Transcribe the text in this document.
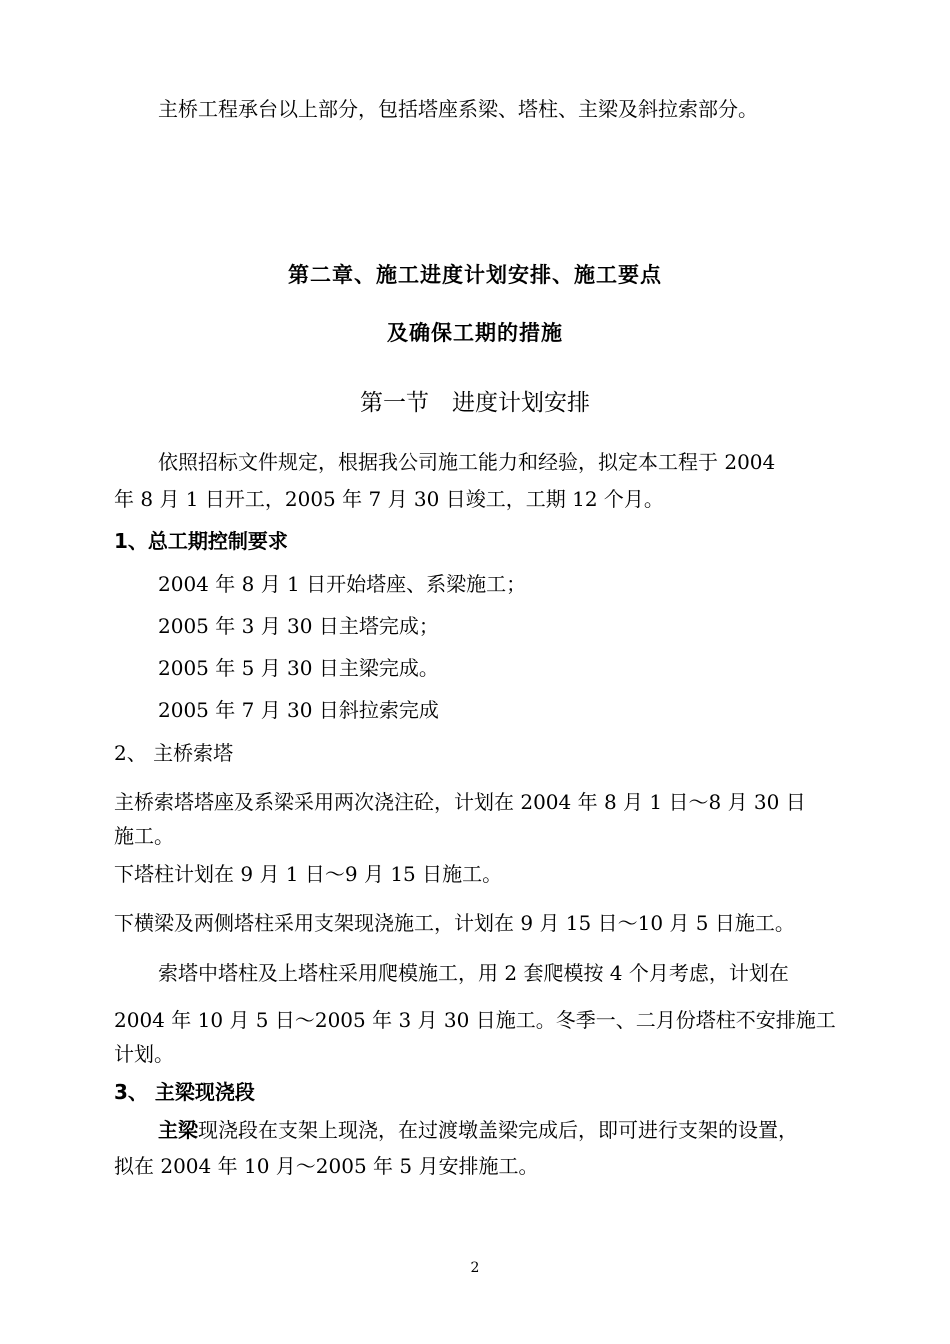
主桥工程承台以上部分，包括塔座系梁、塔柱、主梁及斜拉索部分。
第二章、施工进度计划安排、施工要点
及确保工期的措施
第一节　进度计划安排
依照招标文件规定，根据我公司施工能力和经验，拟定本工程于 2004
年 8 月 1 日开工，2005 年 7 月 30 日竣工，工期 12 个月。
1、总工期控制要求
2004 年 8 月 1 日开始塔座、系梁施工；
2005 年 3 月 30 日主塔完成；
2005 年 5 月 30 日主梁完成。
2005 年 7 月 30 日斜拉索完成
2、 主桥索塔
主桥索塔塔座及系梁采用两次浇注砼，计划在 2004 年 8 月 1 日～8 月 30 日
施工。
下塔柱计划在 9 月 1 日～9 月 15 日施工。
下横梁及两侧塔柱采用支架现浇施工，计划在 9 月 15 日～10 月 5 日施工。
索塔中塔柱及上塔柱采用爬模施工，用 2 套爬模按 4 个月考虑，计划在
2004 年 10 月 5 日～2005 年 3 月 30 日施工。冬季一、二月份塔柱不安排施工
计划。
3、 主梁现浇段
主梁现浇段在支架上现浇，在过渡墩盖梁完成后，即可进行支架的设置，
拟在 2004 年 10 月～2005 年 5 月安排施工。
2
